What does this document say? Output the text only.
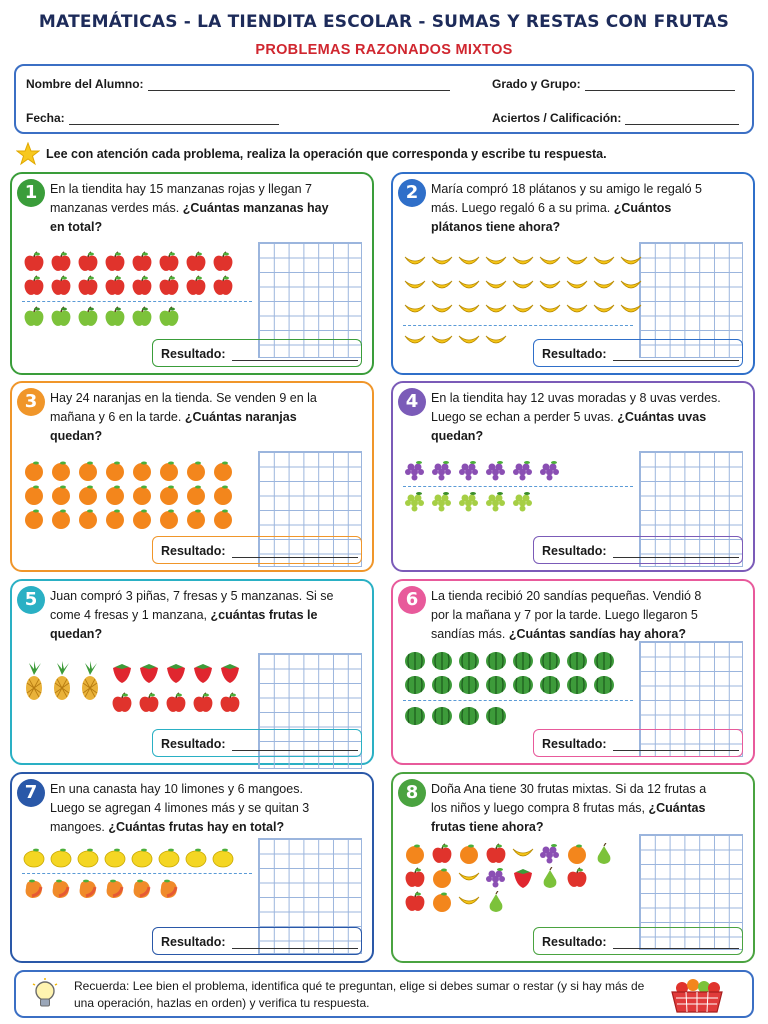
MATEMÁTICAS - LA TIENDITA ESCOLAR - SUMAS Y RESTAS CON FRUTAS
PROBLEMAS RAZONADOS MIXTOS
Nombre del Alumno:	Grado y Grupo:
Fecha:	Aciertos / Calificación:
Lee con atención cada problema, realiza la operación que corresponda y escribe tu respuesta.
1	En la tiendita hay 15 manzanas rojas y llegan 7 manzanas verdes más. ¿Cuántas manzanas hay en total?
Resultado:
2	María compró 18 plátanos y su amigo le regaló 5 más. Luego regaló 6 a su prima. ¿Cuántos plátanos tiene ahora?
Resultado:
3	Hay 24 naranjas en la tienda. Se venden 9 en la mañana y 6 en la tarde. ¿Cuántas naranjas quedan?
Resultado:
4	En la tiendita hay 12 uvas moradas y 8 uvas verdes. Luego se echan a perder 5 uvas. ¿Cuántas uvas quedan?
Resultado:
5	Juan compró 3 piñas, 7 fresas y 5 manzanas. Si se come 4 fresas y 1 manzana, ¿cuántas frutas le quedan?
Resultado:
6	La tienda recibió 20 sandías pequeñas. Vendió 8 por la mañana y 7 por la tarde. Luego llegaron 5 sandías más. ¿Cuántas sandías hay ahora?
Resultado:
7	En una canasta hay 10 limones y 6 mangoes. Luego se agregan 4 limones más y se quitan 3 mangoes. ¿Cuántas frutas hay en total?
Resultado:
8	Doña Ana tiene 30 frutas mixtas. Si da 12 frutas a los niños y luego compra 8 frutas más, ¿Cuántas frutas tiene ahora?
Resultado:
Recuerda: Lee bien el problema, identifica qué te preguntan, elige si debes sumar o restar (y si hay más de una operación, hazlas en orden) y verifica tu respuesta.
